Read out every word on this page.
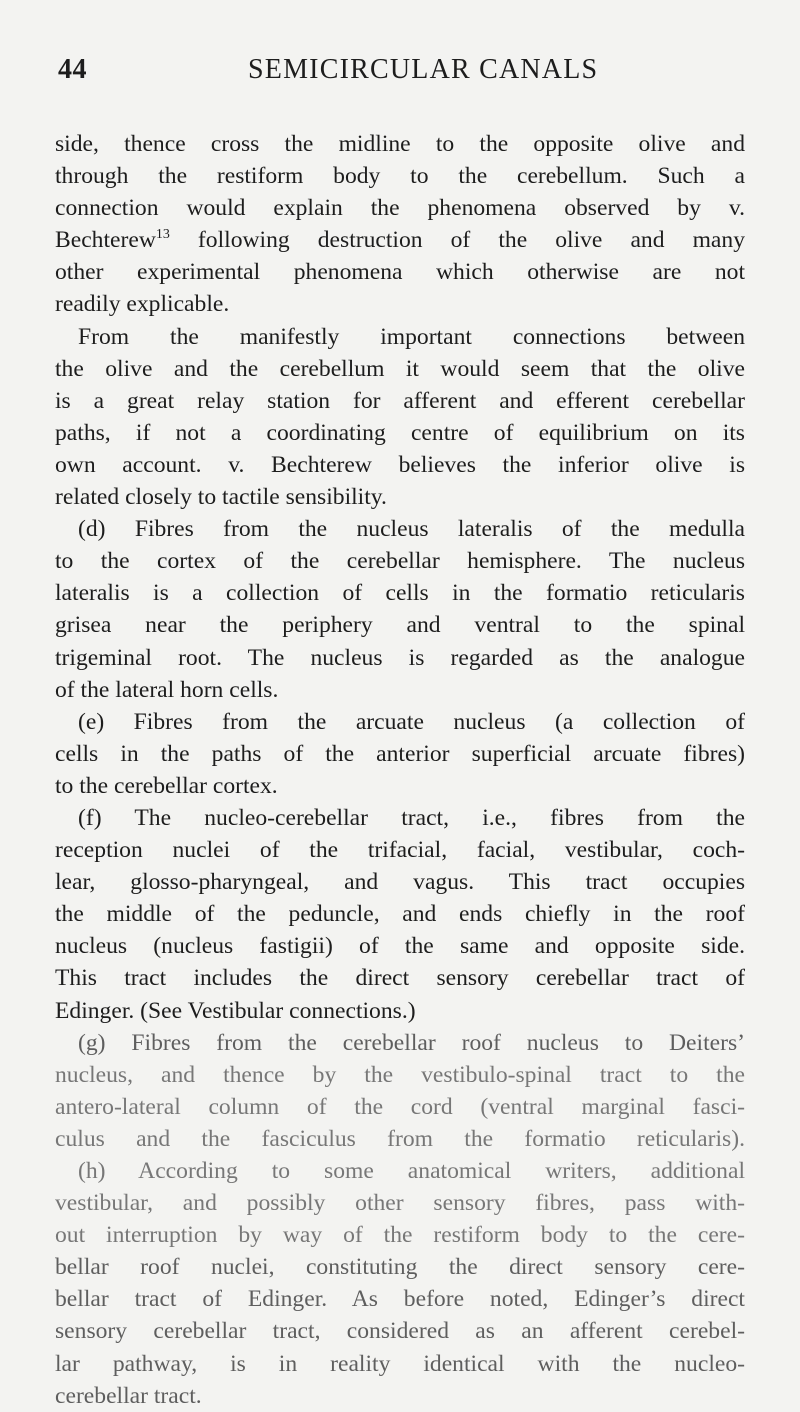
44	SEMICIRCULAR CANALS
side, thence cross the midline to the opposite olive and
through the restiform body to the cerebellum. Such a
connection would explain the phenomena observed by v.
Bechterew$^{13}$ following destruction of the olive and many
other experimental phenomena which otherwise are not
readily explicable.
From the manifestly important connections between
the olive and the cerebellum it would seem that the olive
is a great relay station for afferent and efferent cerebellar
paths, if not a coordinating centre of equilibrium on its
own account. v. Bechterew believes the inferior olive is
related closely to tactile sensibility.
(d) Fibres from the nucleus lateralis of the medulla
to the cortex of the cerebellar hemisphere. The nucleus
lateralis is a collection of cells in the formatio reticularis
grisea near the periphery and ventral to the spinal
trigeminal root. The nucleus is regarded as the analogue
of the lateral horn cells.
(e) Fibres from the arcuate nucleus (a collection of
cells in the paths of the anterior superficial arcuate fibres)
to the cerebellar cortex.
(f) The nucleo-cerebellar tract, i.e., fibres from the
reception nuclei of the trifacial, facial, vestibular, coch-
lear, glosso-pharyngeal, and vagus. This tract occupies
the middle of the peduncle, and ends chiefly in the roof
nucleus (nucleus fastigii) of the same and opposite side.
This tract includes the direct sensory cerebellar tract of
Edinger. (See Vestibular connections.)
(g) Fibres from the cerebellar roof nucleus to Deiters’
nucleus, and thence by the vestibulo-spinal tract to the
antero-lateral column of the cord (ventral marginal fasci-
culus and the fasciculus from the formatio reticularis).
(h) According to some anatomical writers, additional
vestibular, and possibly other sensory fibres, pass with-
out interruption by way of the restiform body to the cere-
bellar roof nuclei, constituting the direct sensory cere-
bellar tract of Edinger. As before noted, Edinger’s direct
sensory cerebellar tract, considered as an afferent cerebel-
lar pathway, is in reality identical with the nucleo-
cerebellar tract.
